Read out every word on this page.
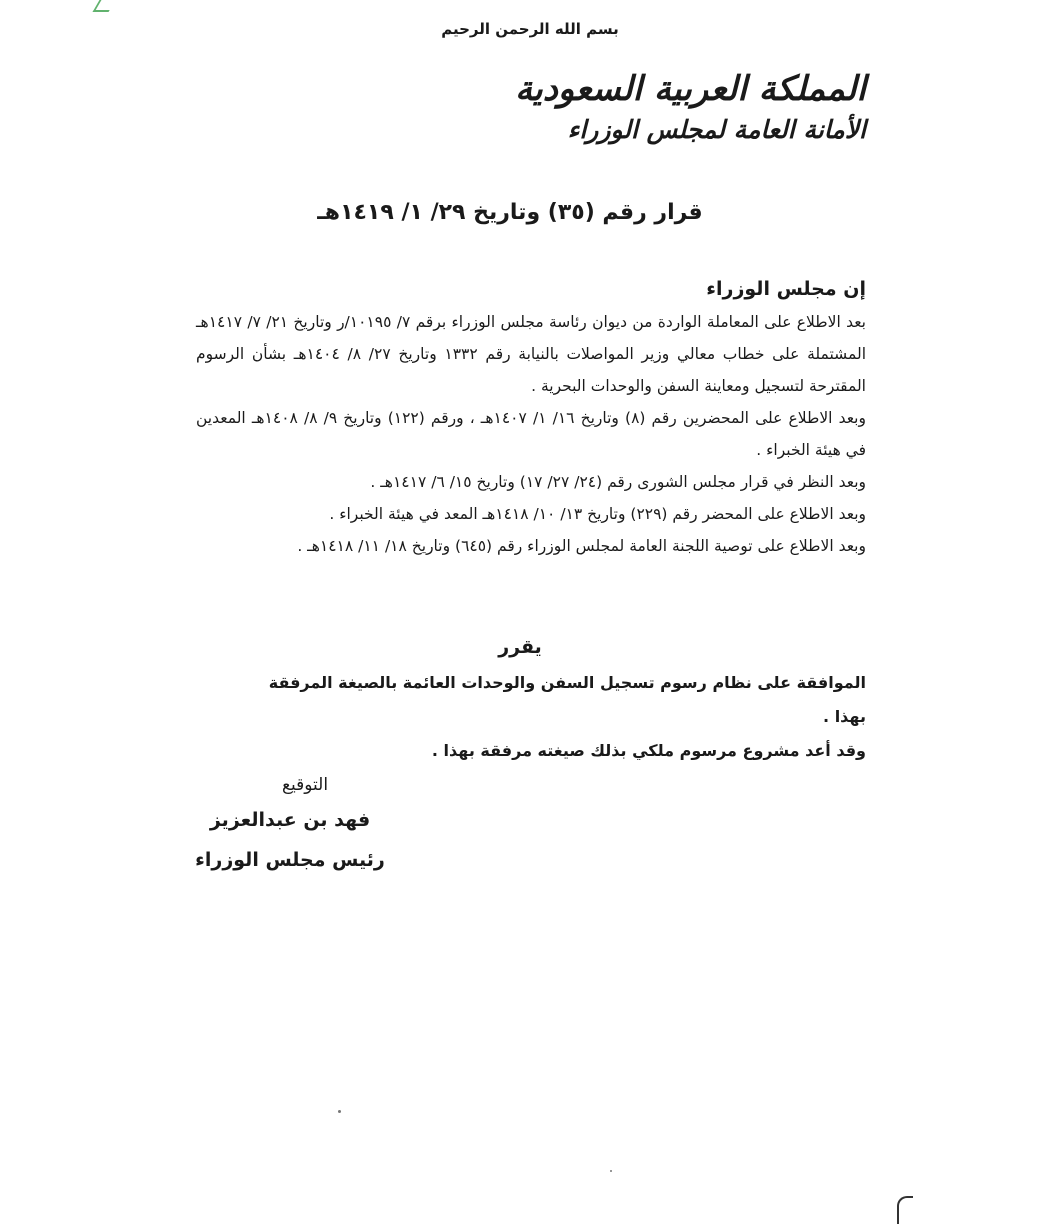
بسم الله الرحمن الرحيم
المملكة العربية السعودية
الأمانة العامة لمجلس الوزراء
قرار رقم (٣٥) وتاريخ ٢٩/ ١/ ١٤١٩هـ
إن مجلس الوزراء

بعد الاطلاع على المعاملة الواردة من ديوان رئاسة مجلس الوزراء برقم ٧/ ١٠١٩٥/ر وتاريخ ٢١/ ٧/ ١٤١٧هـ المشتملة على خطاب معالي وزير المواصلات بالنيابة رقم ١٣٣٢ وتاريخ ٢٧/ ٨/ ١٤٠٤هـ بشأن الرسوم المقترحة لتسجيل ومعاينة السفن والوحدات البحرية .

وبعد الاطلاع على المحضرين رقم (٨) وتاريخ ١٦/ ١/ ١٤٠٧هـ ، ورقم (١٢٢) وتاريخ ٩/ ٨/ ١٤٠٨هـ المعدين في هيئة الخبراء .

وبعد النظر في قرار مجلس الشورى رقم (٢٤/ ٢٧/ ١٧) وتاريخ ١٥/ ٦/ ١٤١٧هـ .

وبعد الاطلاع على المحضر رقم (٢٢٩) وتاريخ ١٣/ ١٠/ ١٤١٨هـ المعد في هيئة الخبراء .

وبعد الاطلاع على توصية اللجنة العامة لمجلس الوزراء رقم (٦٤٥) وتاريخ ١٨/ ١١/ ١٤١٨هـ .

يقرر
الموافقة على نظام رسوم تسجيل السفن والوحدات العائمة بالصيغة المرفقة بهذا .
وقد أعد مشروع مرسوم ملكي بذلك صيغته مرفقة بهذا .
التوقيع
فهد بن عبدالعزيز
رئيس مجلس الوزراء
